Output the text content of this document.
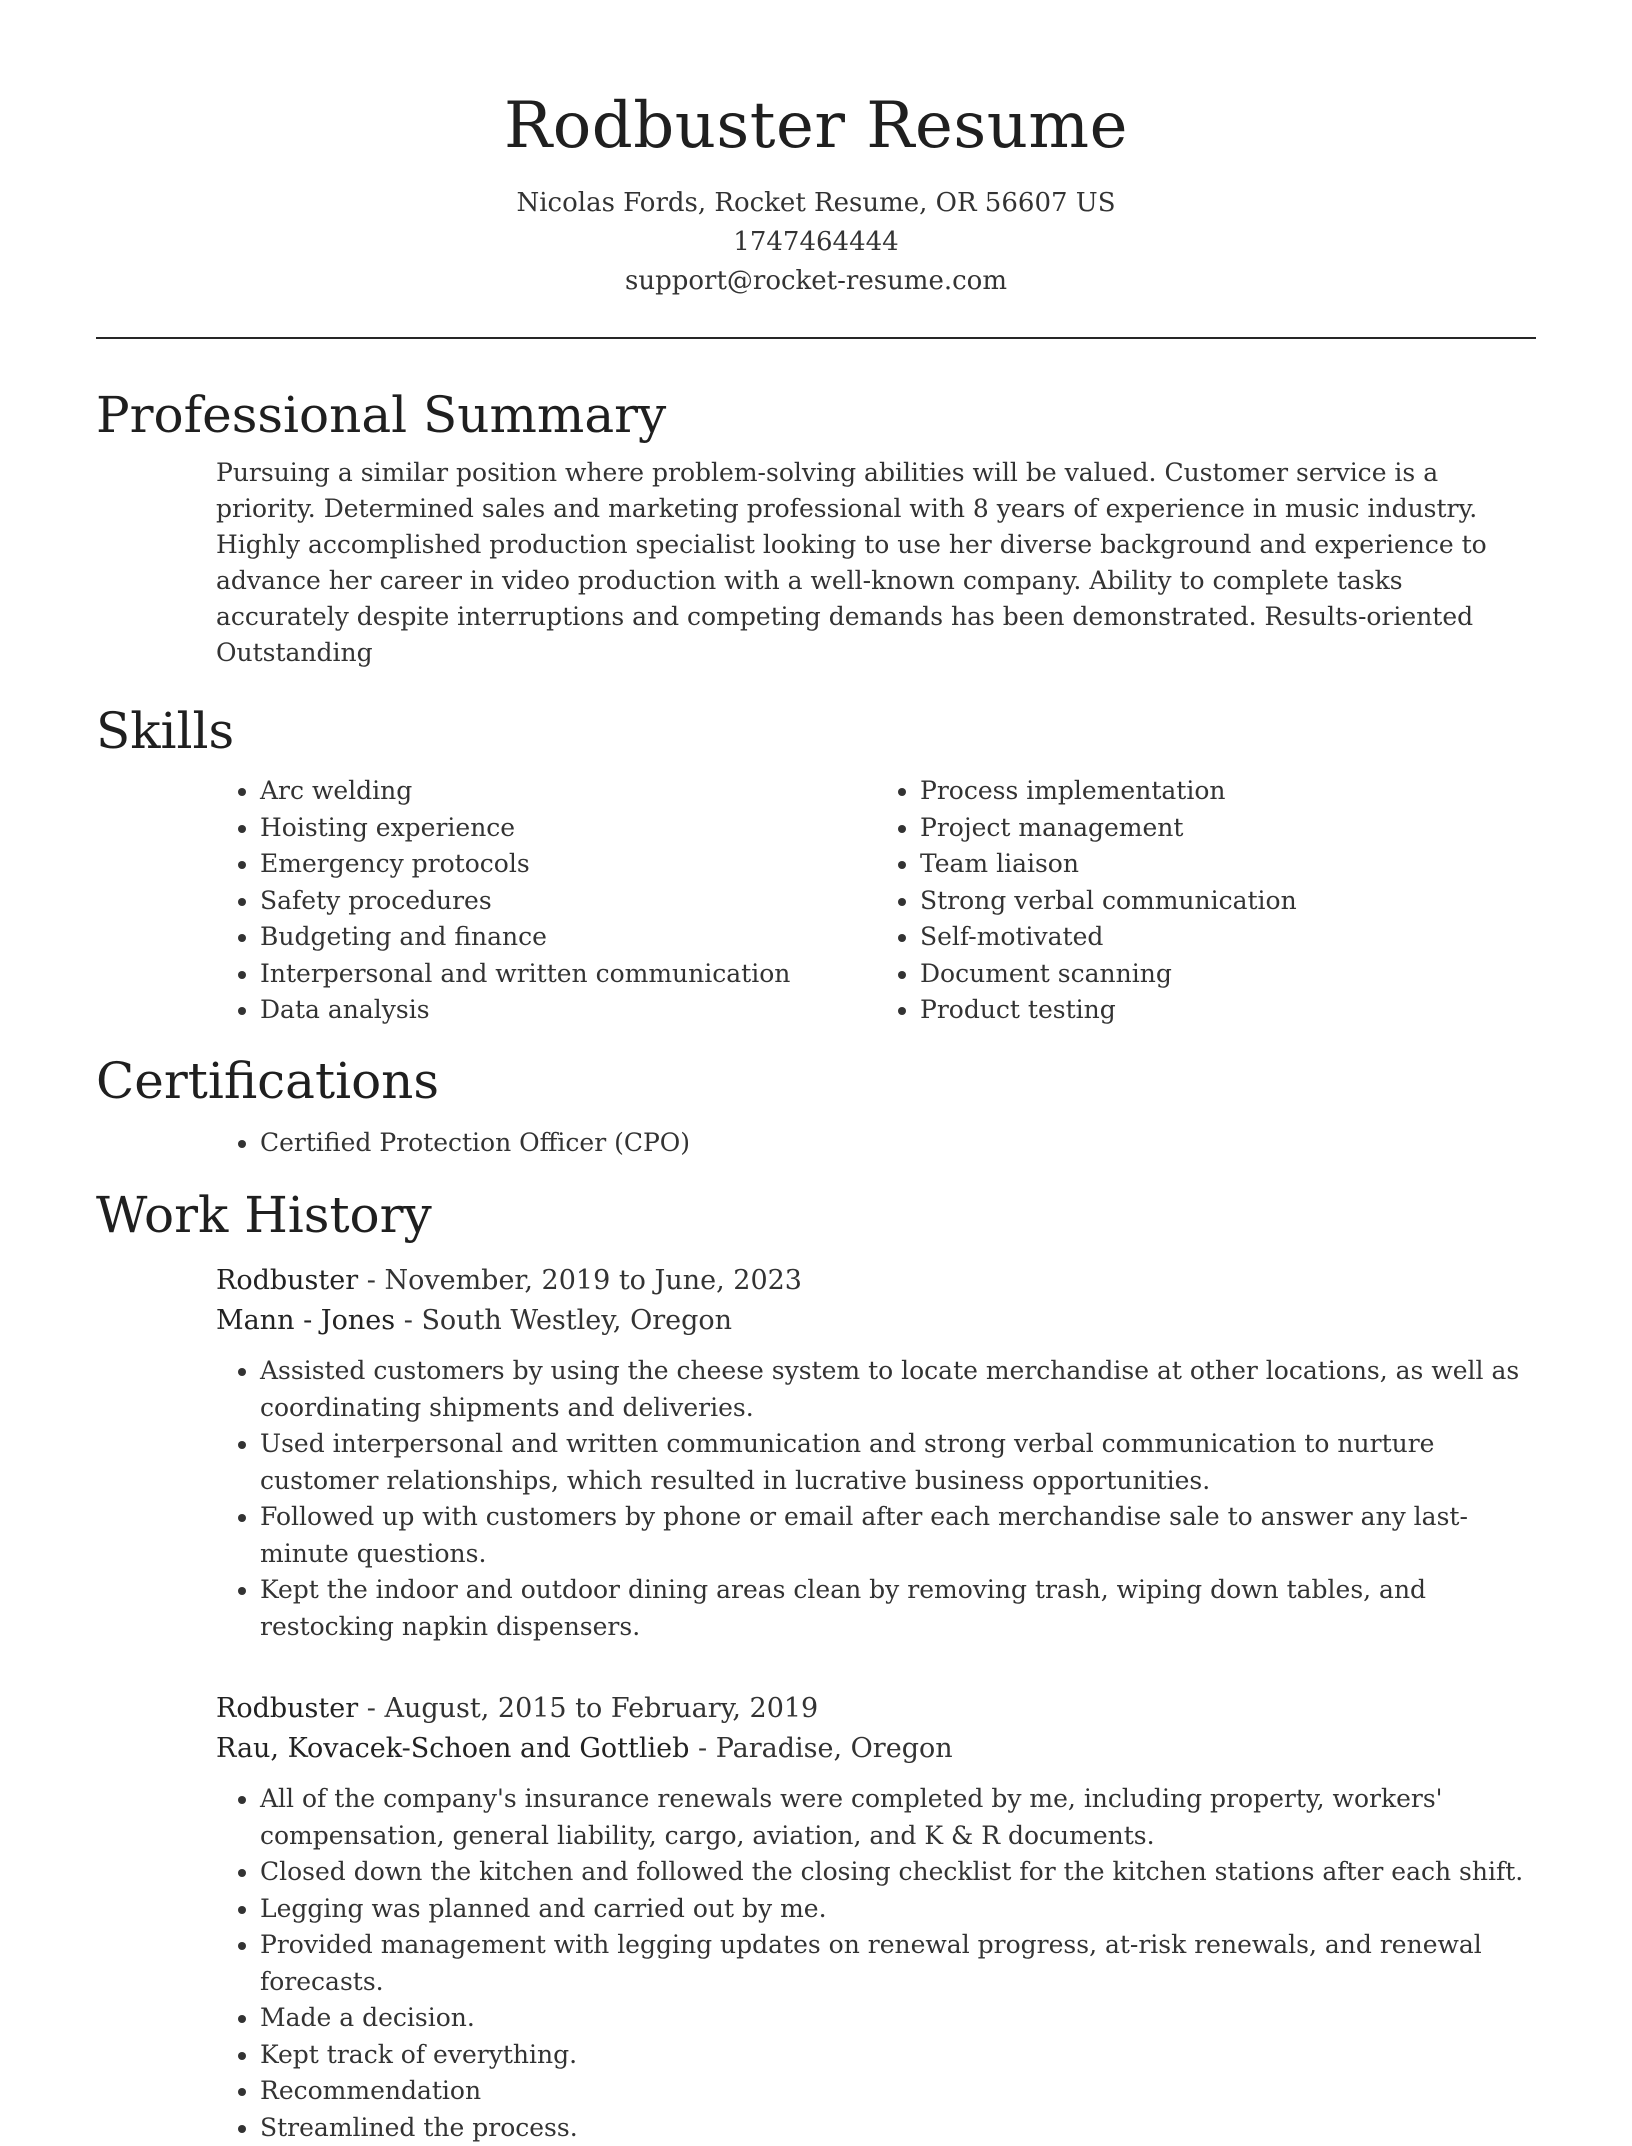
Rodbuster Resume
Nicolas Fords, Rocket Resume, OR 56607 US
1747464444
support@rocket-resume.com
Professional Summary
Pursuing a similar position where problem-solving abilities will be valued. Customer service is a priority. Determined sales and marketing professional with 8 years of experience in music industry. Highly accomplished production specialist looking to use her diverse background and experience to advance her career in video production with a well-known company. Ability to complete tasks accurately despite interruptions and competing demands has been demonstrated. Results-oriented Outstanding
Skills
• Arc welding
• Hoisting experience
• Emergency protocols
• Safety procedures
• Budgeting and finance
• Interpersonal and written communication
• Data analysis
• Process implementation
• Project management
• Team liaison
• Strong verbal communication
• Self-motivated
• Document scanning
• Product testing
Certifications
• Certified Protection Officer (CPO)
Work History
Rodbuster - November, 2019 to June, 2023
Mann - Jones - South Westley, Oregon
• Assisted customers by using the cheese system to locate merchandise at other locations, as well as coordinating shipments and deliveries.
• Used interpersonal and written communication and strong verbal communication to nurture customer relationships, which resulted in lucrative business opportunities.
• Followed up with customers by phone or email after each merchandise sale to answer any last-minute questions.
• Kept the indoor and outdoor dining areas clean by removing trash, wiping down tables, and restocking napkin dispensers.
Rodbuster - August, 2015 to February, 2019
Rau, Kovacek-Schoen and Gottlieb - Paradise, Oregon
• All of the company's insurance renewals were completed by me, including property, workers' compensation, general liability, cargo, aviation, and K & R documents.
• Closed down the kitchen and followed the closing checklist for the kitchen stations after each shift.
• Legging was planned and carried out by me.
• Provided management with legging updates on renewal progress, at-risk renewals, and renewal forecasts.
• Made a decision.
• Kept track of everything.
• Recommendation
• Streamlined the process.
